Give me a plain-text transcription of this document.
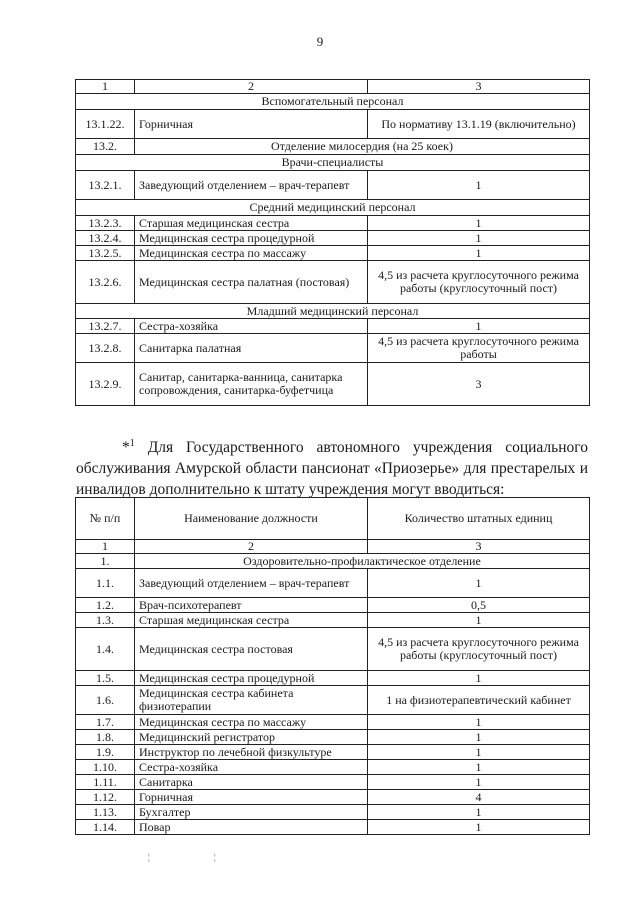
9
1	2	3
Вспомогательный персонал		
13.1.22.	Горничная	По нормативу 13.1.19 (включительно)
13.2.	Отделение милосердия (на 25 коек)	
Врачи-специалисты		
13.2.1.	Заведующий отделением – врач-терапевт	1
Средний медицинский персонал		
13.2.3.	Старшая медицинская сестра	1
13.2.4.	Медицинская сестра процедурной	1
13.2.5.	Медицинская сестра по массажу	1
13.2.6.	Медицинская сестра палатная (постовая)	4,5 из расчета круглосуточного режима работы (круглосуточный пост)
Младший медицинский персонал		
13.2.7.	Сестра-хозяйка	1
13.2.8.	Санитарка палатная	4,5 из расчета круглосуточного режима работы
13.2.9.	Санитар, санитарка-ванница, санитарка сопровождения, санитарка-буфетчица	3
*$^1$ Для Государственного автономного учреждения социального обслуживания Амурской области пансионат «Приозерье» для престарелых и инвалидов дополнительно к штату учреждения могут вводиться:
№ п/п	Наименование должности	Количество штатных единиц
1	2	3
1.	Оздоровительно-профилактическое отделение	
1.1.	Заведующий отделением – врач-терапевт	1
1.2.	Врач-психотерапевт	0,5
1.3.	Старшая медицинская сестра	1
1.4.	Медицинская сестра постовая	4,5 из расчета круглосуточного режима работы (круглосуточный пост)
1.5.	Медицинская сестра процедурной	1
1.6.	Медицинская сестра кабинета физиотерапии	1 на физиотерапевтический кабинет
1.7.	Медицинская сестра по массажу	1
1.8.	Медицинский регистратор	1
1.9.	Инструктор по лечебной физкультуре	1
1.10.	Сестра-хозяйка	1
1.11.	Санитарка	1
1.12.	Горничная	4
1.13.	Бухгалтер	1
1.14.	Повар	1
¦	¦
